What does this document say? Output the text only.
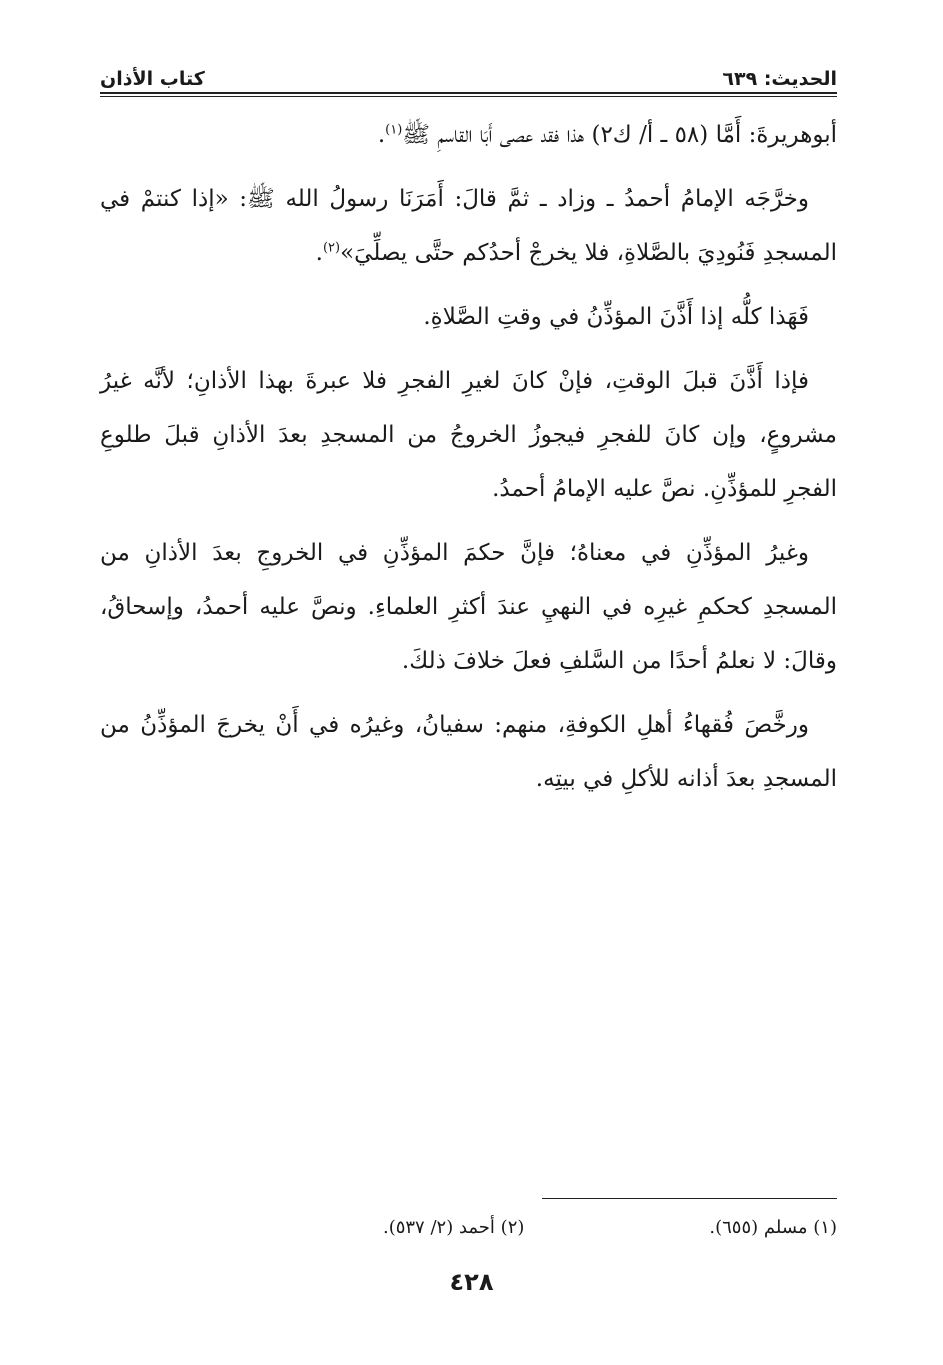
الحديث: ٦٣٩
كتاب الأذان

أبوهريرةَ: أَمَّا (٥٨ ـ أ/ ك٢) هذا فقد عصى أَبَا القاسمِ ﷺ$^{(١)}$.

وخرَّجَه الإمامُ أحمدُ ـ وزاد ـ ثمَّ قالَ: أَمَرَنَا رسولُ الله ﷺ: «إذا كنتمْ في المسجدِ فَنُودِيَ بالصَّلاةِ، فلا يخرجْ أحدُكم حتَّى يصلِّيَ»$^{(٢)}$.

فَهَذا كلُّه إذا أَذَّنَ المؤذِّنُ في وقتِ الصَّلاةِ.

فإذا أَذَّنَ قبلَ الوقتِ، فإنْ كانَ لغيرِ الفجرِ فلا عبرةَ بهذا الأذانِ؛ لأنَّه غيرُ مشروعٍ، وإن كانَ للفجرِ فيجوزُ الخروجُ من المسجدِ بعدَ الأذانِ قبلَ طلوعِ الفجرِ للمؤذِّنِ. نصَّ عليه الإمامُ أحمدُ.

وغيرُ المؤذِّنِ في معناهُ؛ فإنَّ حكمَ المؤذِّنِ في الخروجِ بعدَ الأذانِ من المسجدِ كحكمِ غيرِه في النهيِ عندَ أكثرِ العلماءِ. ونصَّ عليه أحمدُ، وإسحاقُ، وقالَ: لا نعلمُ أحدًا من السَّلفِ فعلَ خلافَ ذلكَ.

ورخَّصَ فُقهاءُ أهلِ الكوفةِ، منهم: سفيانُ، وغيرُه في أَنْ يخرجَ المؤذِّنُ من المسجدِ بعدَ أذانه للأكلِ في بيتِه.

(١) مسلم (٦٥٥).
(٢) أحمد (٢/ ٥٣٧).
٤٢٨
